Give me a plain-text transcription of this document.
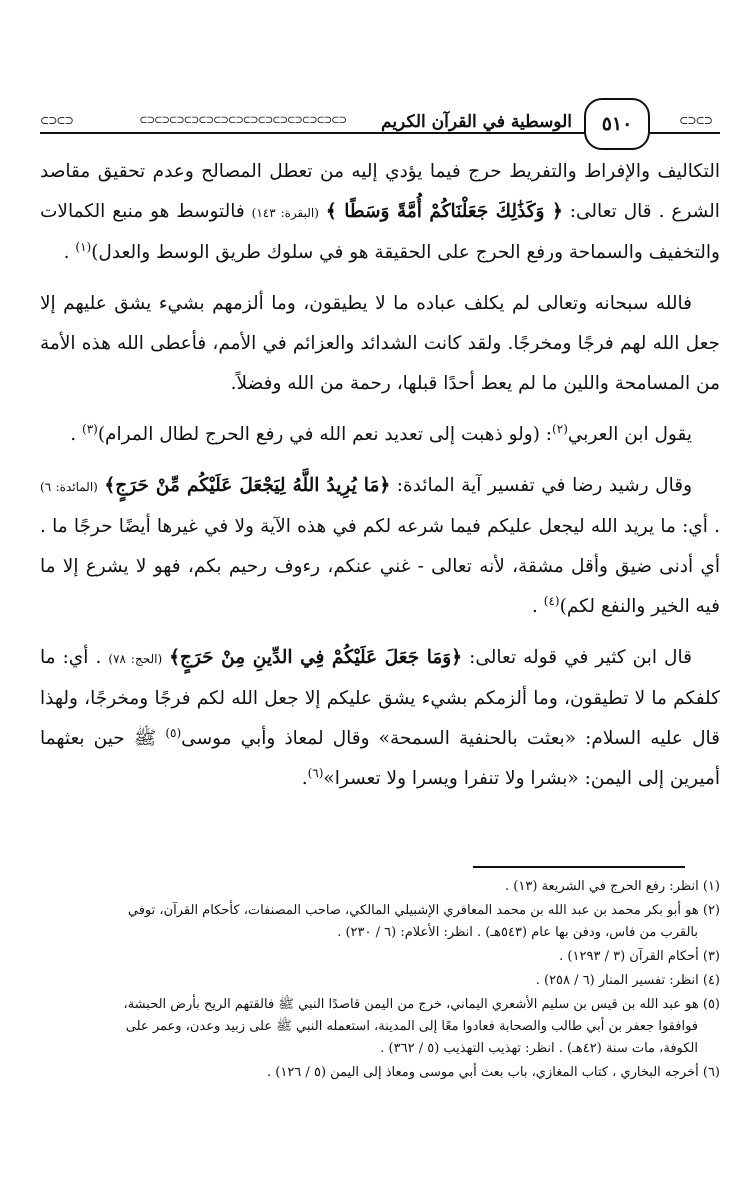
⊂⊃⊂⊃
٥١٠
الوسطية في القرآن الكريم
⊂⊃⊂⊃⊂⊃⊂⊃⊂⊃⊂⊃⊂⊃⊂⊃⊂⊃⊂⊃⊂⊃⊂⊃⊂⊃⊂⊃
⊂⊃⊂⊃

التكاليف والإفراط والتفريط حرج فيما يؤدي إليه من تعطل المصالح وعدم تحقيق مقاصد الشرع . قال تعالى: ﴿ وَكَذَٰلِكَ جَعَلْنَاكُمْ أُمَّةً وَسَطًا ﴾ (البقرة: ١٤٣) فالتوسط هو منبع الكمالات والتخفيف والسماحة ورفع الحرج على الحقيقة هو في سلوك طريق الوسط والعدل)$^{(١)}$ .

فالله سبحانه وتعالى لم يكلف عباده ما لا يطيقون، وما ألزمهم بشيء يشق عليهم إلا جعل الله لهم فرجًا ومخرجًا. ولقد كانت الشدائد والعزائم في الأمم، فأعطى الله هذه الأمة من المسامحة واللين ما لم يعط أحدًا قبلها، رحمة من الله وفضلاً.

يقول ابن العربي$^{(٢)}$: (ولو ذهبت إلى تعديد نعم الله في رفع الحرج لطال المرام)$^{(٣)}$ .

وقال رشيد رضا في تفسير آية المائدة: ﴿مَا يُرِيدُ اللَّهُ لِيَجْعَلَ عَلَيْكُم مِّنْ حَرَجٍ﴾ (المائدة: ٦) . أي: ما يريد الله ليجعل عليكم فيما شرعه لكم في هذه الآية ولا في غيرها أيضًا حرجًا ما . أي أدنى ضيق وأقل مشقة، لأنه تعالى - غني عنكم، رءوف رحيم بكم، فهو لا يشرع إلا ما فيه الخير والنفع لكم)$^{(٤)}$ .

قال ابن كثير في قوله تعالى: ﴿وَمَا جَعَلَ عَلَيْكُمْ فِي الدِّينِ مِنْ حَرَجٍ﴾ (الحج: ٧٨) . أي: ما كلفكم ما لا تطيقون، وما ألزمكم بشيء يشق عليكم إلا جعل الله لكم فرجًا ومخرجًا، ولهذا قال عليه السلام: «بعثت بالحنفية السمحة» وقال لمعاذ وأبي موسى$^{(٥)}$ ﷺ حين بعثهما أميرين إلى اليمن: «بشرا ولا تنفرا ويسرا ولا تعسرا»$^{(٦)}$.

(١) انظر: رفع الحرج في الشريعة (١٣) .

(٢) هو أبو بكر محمد بن عبد الله بن محمد المعافري الإشبيلي المالكي، صاحب المصنفات، كأحكام القرآن، توفي
بالقرب من فاس، ودفن بها عام (٥٤٣هـ) . انظر: الأعلام: (٦ / ٢٣٠) .

(٣) أحكام القرآن (٣ / ١٢٩٣) .

(٤) انظر: تفسير المنار (٦ / ٢٥٨) .

(٥) هو عبد الله بن قيس بن سليم الأشعري اليماني، خرج من اليمن قاصدًا النبي ﷺ فالقتهم الريح بأرض الحبشة،
فوافقوا جعفر بن أبي طالب والصحابة فعادوا معًا إلى المدينة، استعمله النبي ﷺ على زبيد وعدن، وعمر على
الكوفة، مات سنة (٤٢هـ) . انظر: تهذيب التهذيب (٥ / ٣٦٢) .

(٦) أخرجه البخاري ، كتاب المغازي، باب بعث أبي موسى ومعاذ إلى اليمن (٥ / ١٢٦) .
